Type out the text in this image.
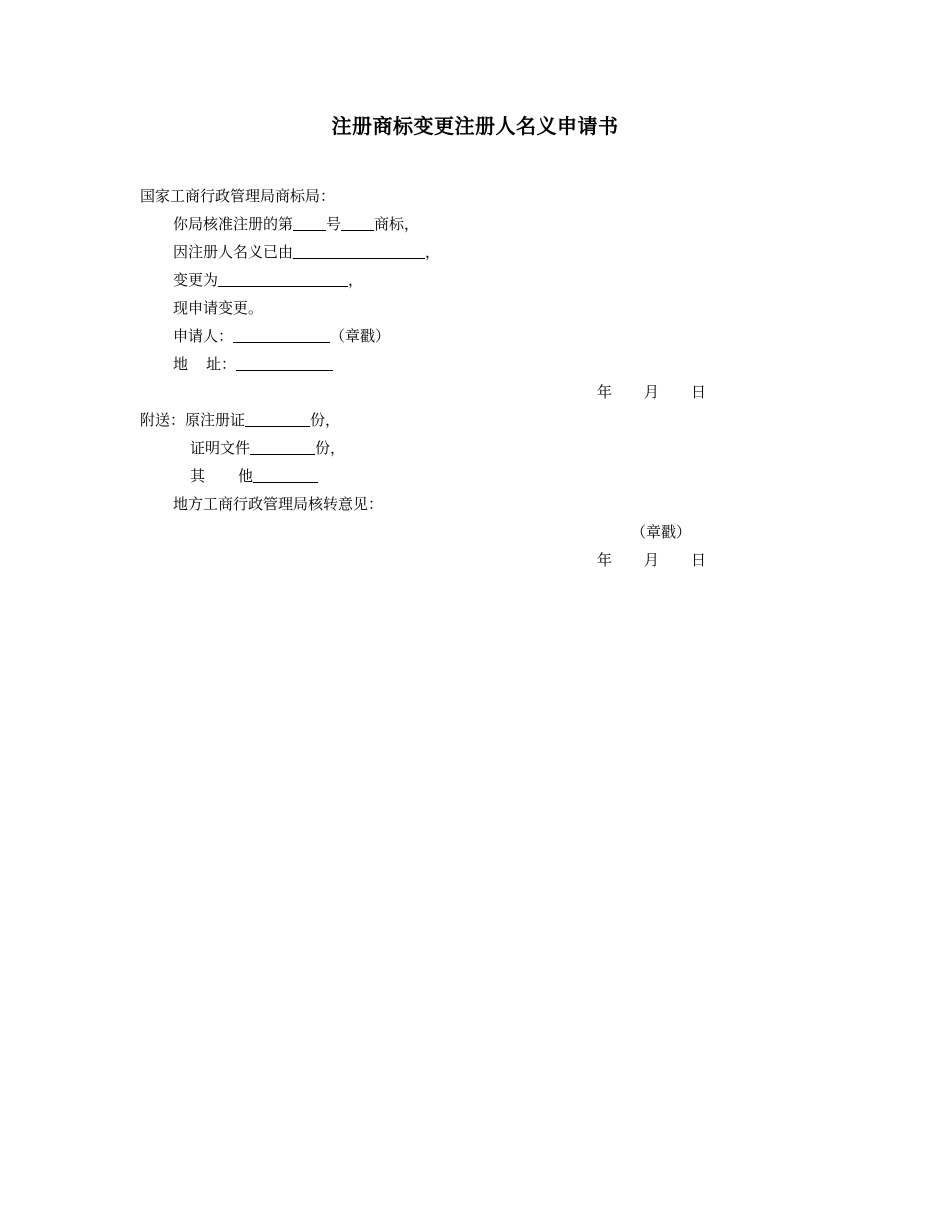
注册商标变更注册人名义申请书
国家工商行政管理局商标局：
你局核准注册的第 号 商标，
因注册人名义已由	，
变更为	，
现申请变更。
申请人：	（章戳）
地 址：
年 月 日
附送：原注册证	份，
证明文件	份，
其 他
地方工商行政管理局核转意见：
（章戳）
年 月 日
